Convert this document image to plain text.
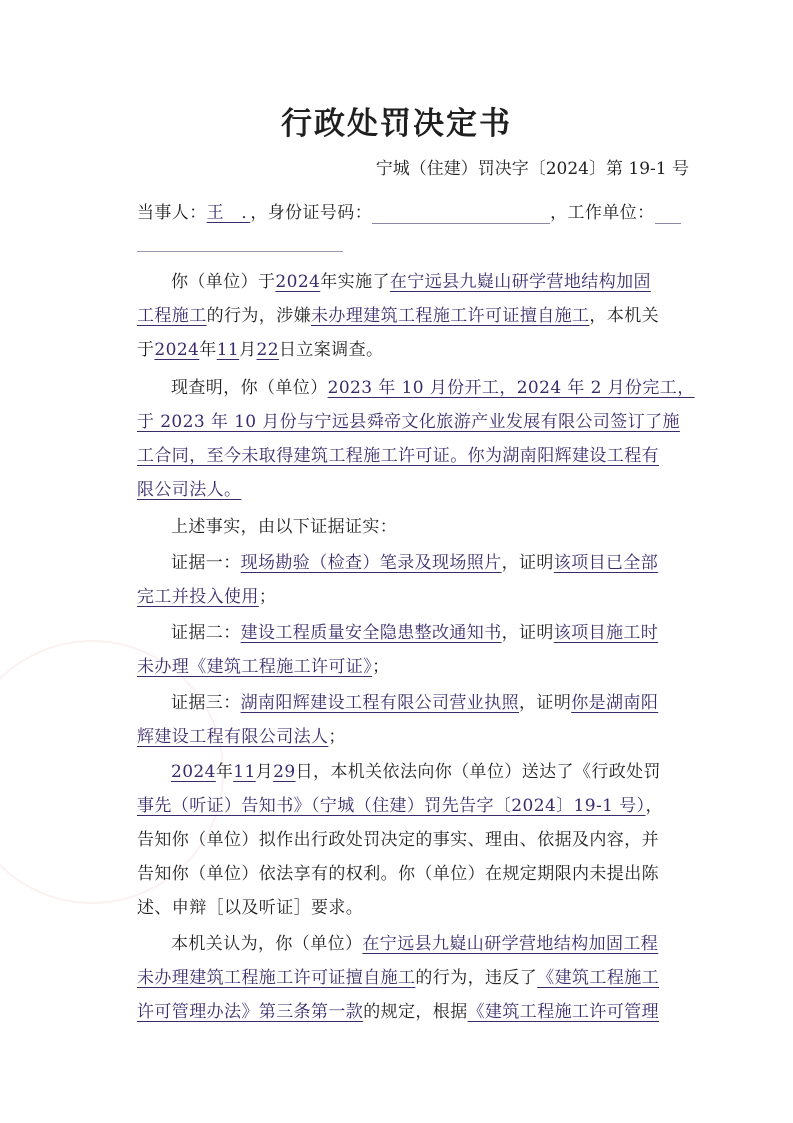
行政处罚决定书
宁城（住建）罚决字〔2024〕第 19-1 号
当事人：王　．，身份证号码：	，工作单位：
你（单位）于2024年实施了在宁远县九嶷山研学营地结构加固
工程施工的行为，涉嫌未办理建筑工程施工许可证擅自施工，本机关
于2024年11月22日立案调查。
现查明，你（单位）2023 年 10 月份开工，2024 年 2 月份完工，
于 2023 年 10 月份与宁远县舜帝文化旅游产业发展有限公司签订了施
工合同，至今未取得建筑工程施工许可证。你为湖南阳辉建设工程有
限公司法人。
上述事实，由以下证据证实：
证据一：现场勘验（检查）笔录及现场照片，证明该项目已全部
完工并投入使用；
证据二：建设工程质量安全隐患整改通知书，证明该项目施工时
未办理《建筑工程施工许可证》；
证据三：湖南阳辉建设工程有限公司营业执照，证明你是湖南阳
辉建设工程有限公司法人；
2024年11月29日，本机关依法向你（单位）送达了《行政处罚
事先（听证）告知书》（宁城（住建）罚先告字〔2024〕19-1 号），
告知你（单位）拟作出行政处罚决定的事实、理由、依据及内容，并
告知你（单位）依法享有的权利。你（单位）在规定期限内未提出陈
述、申辩［以及听证］要求。
本机关认为，你（单位）在宁远县九嶷山研学营地结构加固工程
未办理建筑工程施工许可证擅自施工的行为，违反了《建筑工程施工
许可管理办法》第三条第一款的规定，根据《建筑工程施工许可管理
